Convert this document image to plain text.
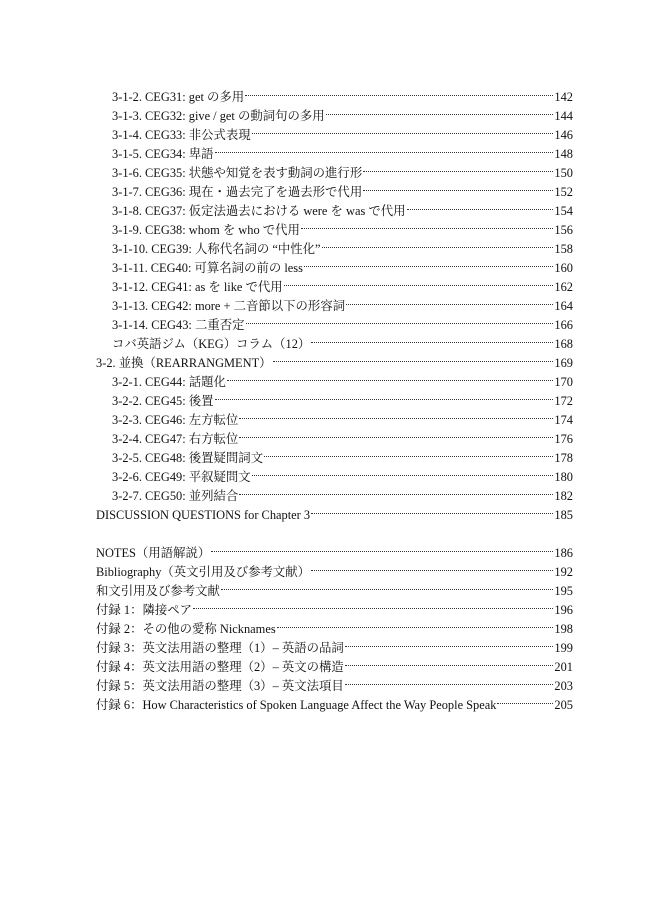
3-1-2. CEG31: get の多用	142
3-1-3. CEG32: give / get の動詞句の多用	144
3-1-4. CEG33: 非公式表現	146
3-1-5. CEG34: 卑語	148
3-1-6. CEG35: 状態や知覚を表す動詞の進行形	150
3-1-7. CEG36: 現在・過去完了を過去形で代用	152
3-1-8. CEG37: 仮定法過去における were を was で代用	154
3-1-9. CEG38: whom を who で代用	156
3-1-10. CEG39: 人称代名詞の “中性化”	158
3-1-11. CEG40: 可算名詞の前の less	160
3-1-12. CEG41: as を like で代用	162
3-1-13. CEG42: more + 二音節以下の形容詞	164
3-1-14. CEG43: 二重否定	166
コバ英語ジム（KEG）コラム（12）	168
3-2. 並換（REARRANGMENT）	169
3-2-1. CEG44: 話題化	170
3-2-2. CEG45: 後置	172
3-2-3. CEG46: 左方転位	174
3-2-4. CEG47: 右方転位	176
3-2-5. CEG48: 後置疑問詞文	178
3-2-6. CEG49: 平叙疑問文	180
3-2-7. CEG50: 並列結合	182
DISCUSSION QUESTIONS for Chapter 3	185
NOTES（用語解説）	186
Bibliography（英文引用及び参考文献）	192
和文引用及び参考文献	195
付録 1：隣接ペア	196
付録 2：その他の愛称 Nicknames	198
付録 3：英文法用語の整理（1）– 英語の品詞	199
付録 4：英文法用語の整理（2）– 英文の構造	201
付録 5：英文法用語の整理（3）– 英文法項目	203
付録 6：How Characteristics of Spoken Language Affect the Way People Speak	205
